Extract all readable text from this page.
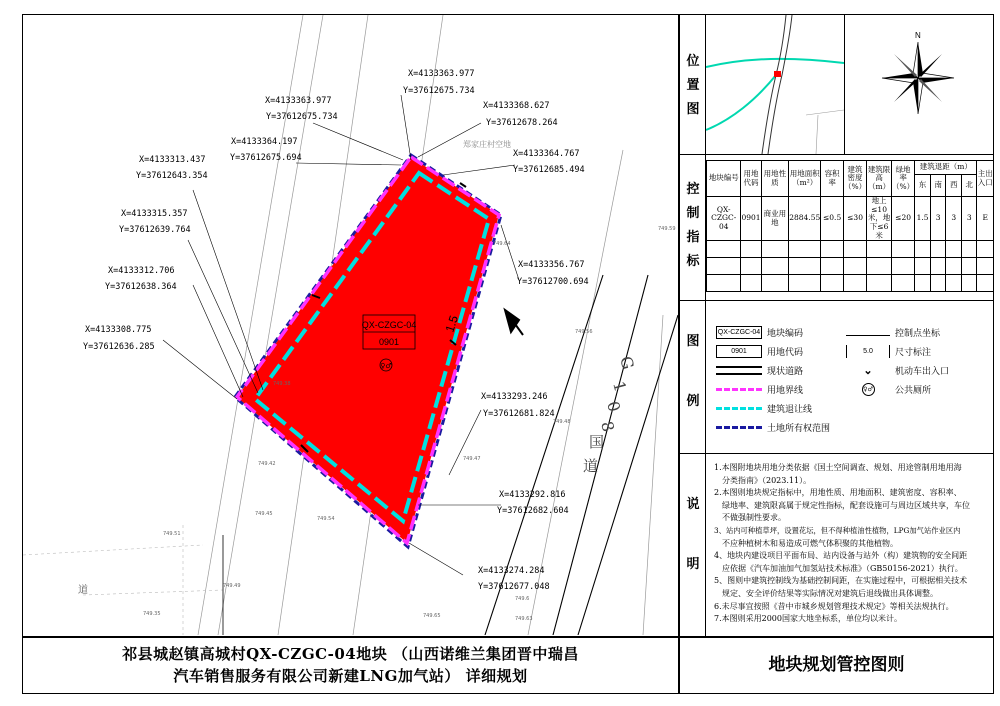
QX-CZGC-04
0901
♀♂
1.5
X=4133363.977
Y=37612675.734
X=4133363.977
Y=37612675.734
X=4133368.627
Y=37612678.264
X=4133364.197
Y=37612675.694	X=4133364.767
Y=37612685.494
X=4133313.437
Y=37612643.354
X=4133315.357
Y=37612639.764
X=4133356.767
Y=37612700.694
X=4133312.706
Y=37612638.364
X=4133308.775
Y=37612636.285
X=4133293.246
Y=37612681.824
X=4133292.816
Y=37612682.604
X=4133274.284
Y=37612677.048
郑家庄村空地
G
1
0
8
国
道
道
749.59
749.56
749.64
749.48
749.45
749.54
749.51
749.42
749.47
749.6
749.63
749.38
749.35
749.49
749.65
位
置
图
N
控
制
指
标
地块编号	用地代码	用地性质	用地面积（m²）	容积率	建筑密度（%）	建筑限高（m）	绿地率（%）	建筑退距（m）				主出入口
								东	南	西	北	
QX-CZGC-04	0901	商业用地	2884.55	≤0.5	≤30	地上≤10米，地下≤6米	≤20	1.5	3	3	3	E

图
例
QX-CZGC-04 地块编码
0901	用地代码
现状道路
用地界线
建筑退让线
土地所有权范围
控制点坐标
5.0	尺寸标注
⌄	机动车出入口
♀♂ 公共厕所
说
明
1.本图附地块用地分类依据《国土空间调查、规划、用途管制用地用海
分类指南》（2023.11）。
2.本图则地块规定指标中，用地性质、用地面积、建筑密度、容积率、
绿地率、建筑限高属于规定性指标，配套设施可与周边区域共享，车位
不做强制性要求。
3、站内可种植草坪，设置花坛，但不得种植油性植物，LPG加气站作业区内
不应种植树木和易造成可燃气体积聚的其他植物。
4、地块内建设项目平面布局、站内设备与站外（构）建筑物的安全间距
应依据《汽车加油加气加氢站技术标准》（GB50156-2021）执行。
5、图则中建筑控制线为基础控制间距，在实施过程中，可根据相关技术
规定、安全评价结果等实际情况对建筑后退线做出具体调整。
6.未尽事宜按照《昔中市城乡规划管理技术规定》等相关法规执行。
7.本图则采用2000国家大地坐标系，单位均以米计。
祁县城赵镇高城村QX-CZGC-04地块 （山西诺维兰集团晋中瑞昌
汽车销售服务有限公司新建LNG加气站） 详细规划
地块规划管控图则
